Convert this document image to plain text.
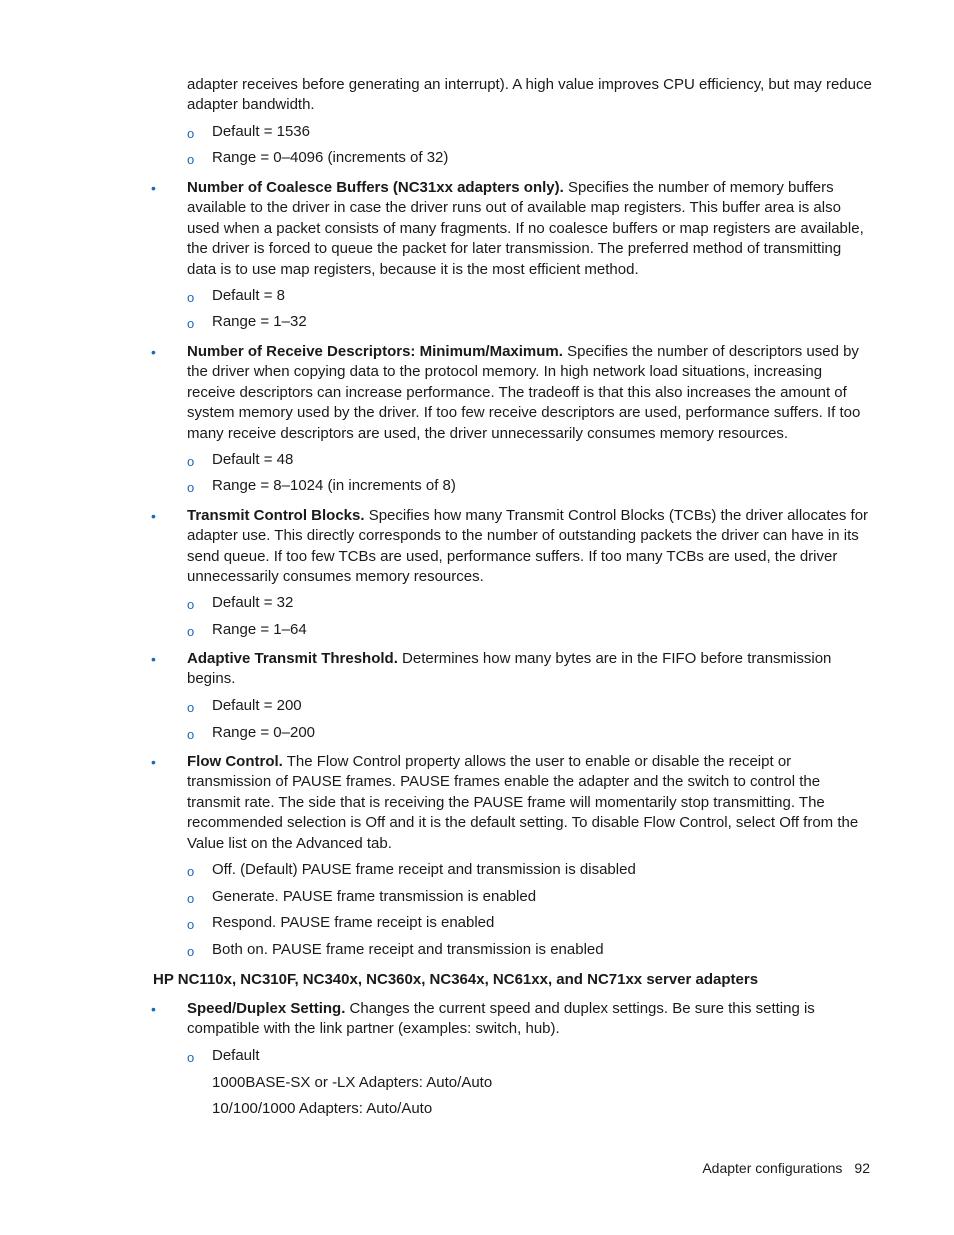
adapter receives before generating an interrupt). A high value improves CPU efficiency, but may reduce adapter bandwidth.
o Default = 1536
o Range = 0–4096 (increments of 32)
•	Number of Coalesce Buffers (NC31xx adapters only). Specifies the number of memory buffers available to the driver in case the driver runs out of available map registers. This buffer area is also used when a packet consists of many fragments. If no coalesce buffers or map registers are available, the driver is forced to queue the packet for later transmission. The preferred method of transmitting data is to use map registers, because it is the most efficient method.
o Default = 8
o Range = 1–32
•	Number of Receive Descriptors: Minimum/Maximum. Specifies the number of descriptors used by the driver when copying data to the protocol memory. In high network load situations, increasing receive descriptors can increase performance. The tradeoff is that this also increases the amount of system memory used by the driver. If too few receive descriptors are used, performance suffers. If too many receive descriptors are used, the driver unnecessarily consumes memory resources.
o Default = 48
o Range = 8–1024 (in increments of 8)
•	Transmit Control Blocks. Specifies how many Transmit Control Blocks (TCBs) the driver allocates for adapter use. This directly corresponds to the number of outstanding packets the driver can have in its send queue. If too few TCBs are used, performance suffers. If too many TCBs are used, the driver unnecessarily consumes memory resources.
o Default = 32
o Range = 1–64
•	Adaptive Transmit Threshold. Determines how many bytes are in the FIFO before transmission begins.
o Default = 200
o Range = 0–200
•	Flow Control. The Flow Control property allows the user to enable or disable the receipt or transmission of PAUSE frames. PAUSE frames enable the adapter and the switch to control the transmit rate. The side that is receiving the PAUSE frame will momentarily stop transmitting. The recommended selection is Off and it is the default setting. To disable Flow Control, select Off from the Value list on the Advanced tab.
o Off. (Default) PAUSE frame receipt and transmission is disabled
o Generate. PAUSE frame transmission is enabled
o Respond. PAUSE frame receipt is enabled
o Both on. PAUSE frame receipt and transmission is enabled
HP NC110x, NC310F, NC340x, NC360x, NC364x, NC61xx, and NC71xx server adapters
•	Speed/Duplex Setting. Changes the current speed and duplex settings. Be sure this setting is compatible with the link partner (examples: switch, hub).
o Default
1000BASE-SX or -LX Adapters: Auto/Auto
10/100/1000 Adapters: Auto/Auto
Adapter configurations 92
